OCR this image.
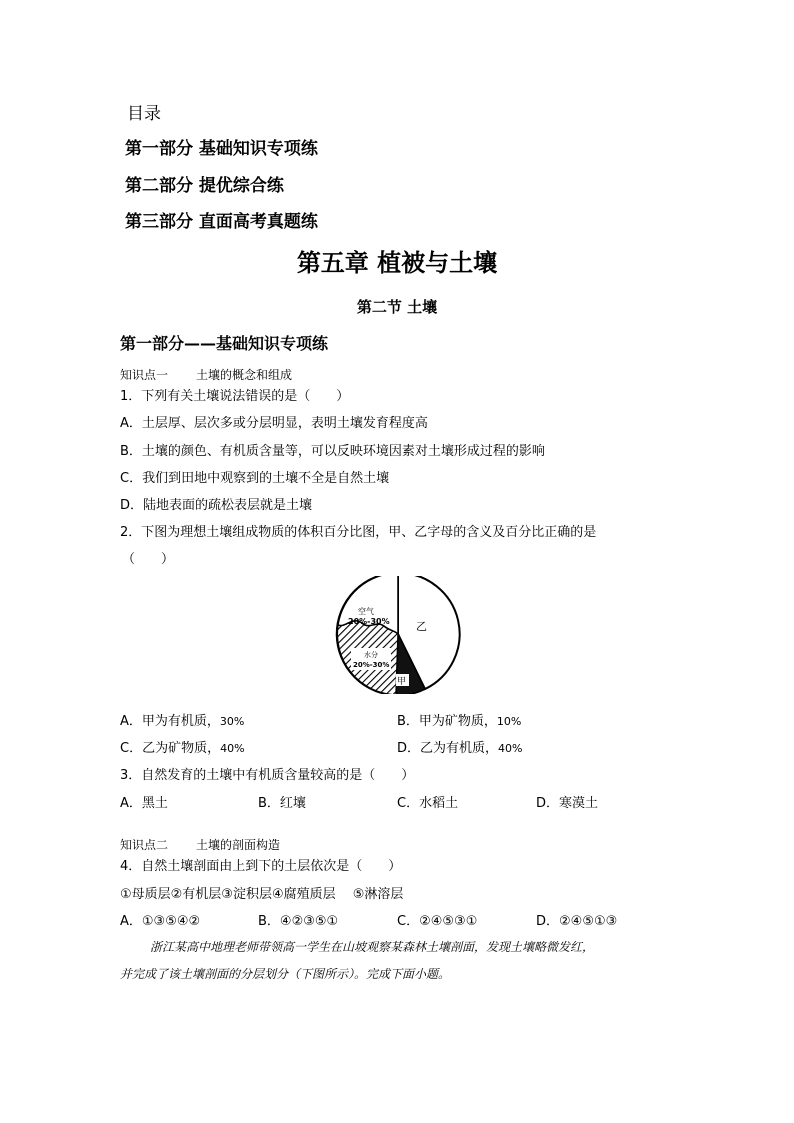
目录
第一部分 基础知识专项练
第二部分 提优综合练
第三部分 直面高考真题练
第五章 植被与土壤
第二节 土壤
第一部分——基础知识专项练
知识点一 土壤的概念和组成
1．下列有关土壤说法错误的是（　　）
A．土层厚、层次多或分层明显，表明土壤发育程度高
B．土壤的颜色、有机质含量等，可以反映环境因素对土壤形成过程的影响
C．我们到田地中观察到的土壤不全是自然土壤
D．陆地表面的疏松表层就是土壤
2．下图为理想土壤组成物质的体积百分比图，甲、乙字母的含义及百分比正确的是
（　　）
空气
20%-30%
水分
20%-30%
乙
甲
A．甲为有机质，30%	B．甲为矿物质，10%
C．乙为矿物质，40%	D．乙为有机质，40%
3．自然发育的土壤中有机质含量较高的是（　　）
A．黑土	B．红壤	C．水稻土	D．寒漠土
知识点二 土壤的剖面构造
4．自然土壤剖面由上到下的土层依次是（　　）
①母质层②有机层③淀积层④腐殖质层　 ⑤淋溶层
A．①③⑤④②	B．④②③⑤①	C．②④⑤③①	D．②④⑤①③
浙江某高中地理老师带领高一学生在山坡观察某森林土壤剖面，发现土壤略微发红，
并完成了该土壤剖面的分层划分（下图所示）。完成下面小题。
